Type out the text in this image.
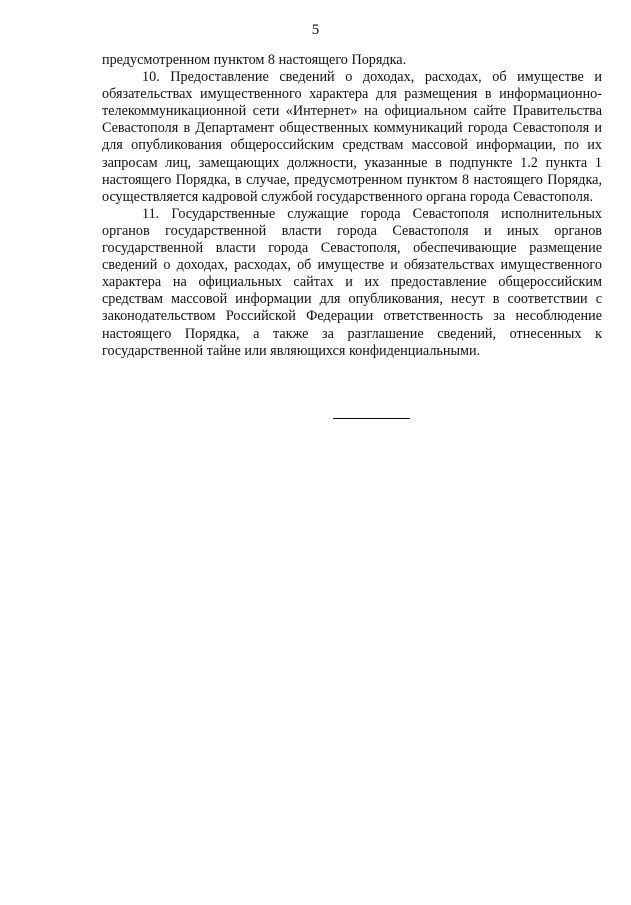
5

предусмотренном пунктом 8 настоящего Порядка.

10. Предоставление сведений о доходах, расходах, об имуществе и обязательствах имущественного характера для размещения в информационно-телекоммуникационной сети «Интернет» на официальном сайте Правительства Севастополя в Департамент общественных коммуникаций города Севастополя и для опубликования общероссийским средствам массовой информации, по их запросам лиц, замещающих должности, указанные в подпункте 1.2 пункта 1 настоящего Порядка, в случае, предусмотренном пунктом 8 настоящего Порядка, осуществляется кадровой службой государственного органа города Севастополя.

11. Государственные служащие города Севастополя исполнительных органов государственной власти города Севастополя и иных органов государственной власти города Севастополя, обеспечивающие размещение сведений о доходах, расходах, об имуществе и обязательствах имущественного характера на официальных сайтах и их предоставление общероссийским средствам массовой информации для опубликования, несут в соответствии с законодательством Российской Федерации ответственность за несоблюдение настоящего Порядка, а также за разглашение сведений, отнесенных к государственной тайне или являющихся конфиденциальными.
